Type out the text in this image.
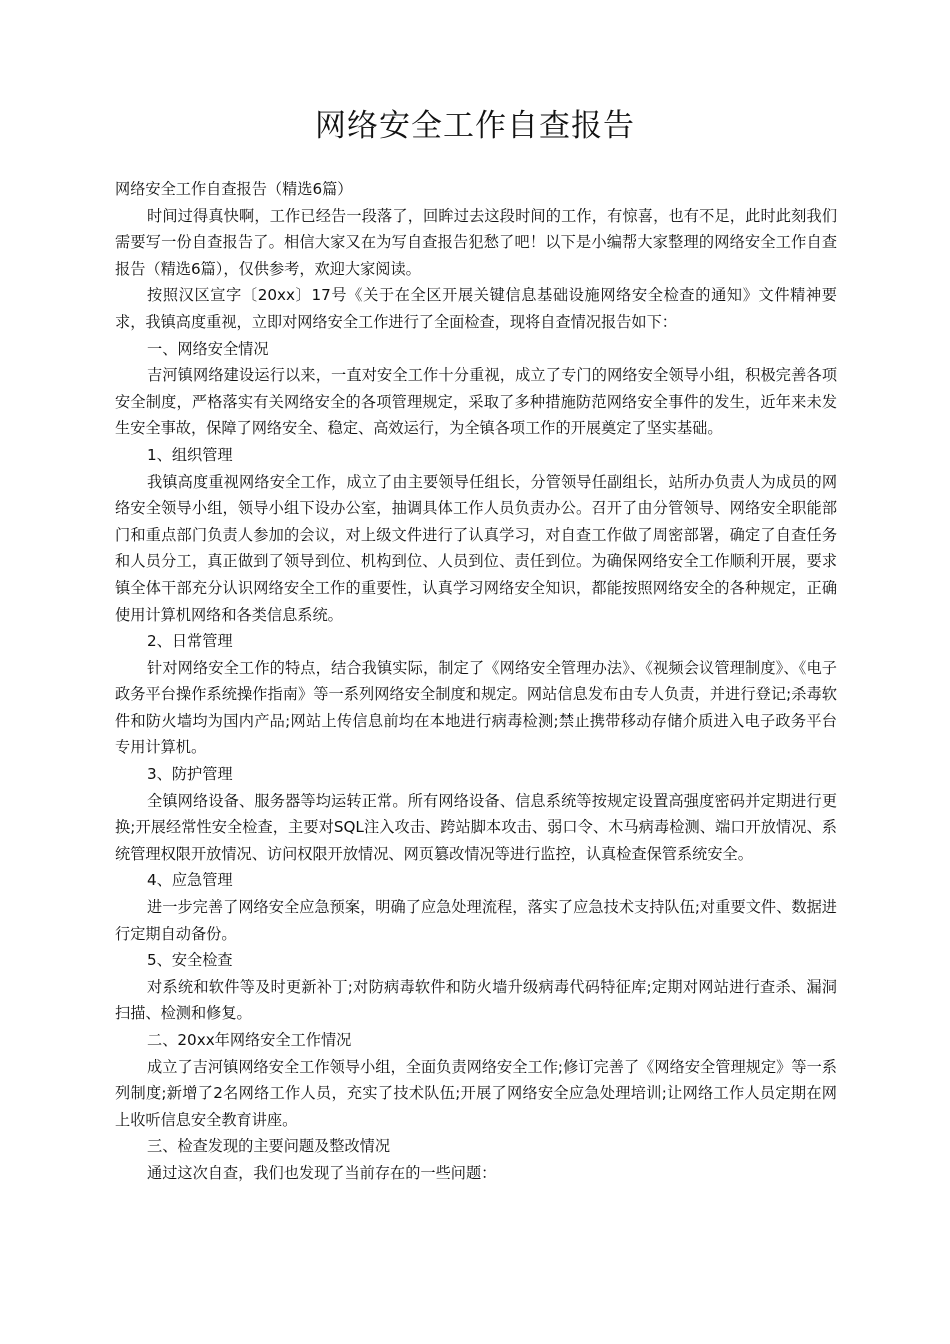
网络安全工作自查报告

网络安全工作自查报告（精选6篇）

时间过得真快啊，工作已经告一段落了，回眸过去这段时间的工作，有惊喜，也有不足，此时此刻我们需要写一份自查报告了。相信大家又在为写自查报告犯愁了吧！以下是小编帮大家整理的网络安全工作自查报告（精选6篇），仅供参考，欢迎大家阅读。

按照汉区宣字〔20xx〕17号《关于在全区开展关键信息基础设施网络安全检查的通知》文件精神要求，我镇高度重视，立即对网络安全工作进行了全面检查，现将自查情况报告如下：

一、网络安全情况

吉河镇网络建设运行以来，一直对安全工作十分重视，成立了专门的网络安全领导小组，积极完善各项安全制度，严格落实有关网络安全的各项管理规定，采取了多种措施防范网络安全事件的发生，近年来未发生安全事故，保障了网络安全、稳定、高效运行，为全镇各项工作的开展奠定了坚实基础。

1、组织管理

我镇高度重视网络安全工作，成立了由主要领导任组长，分管领导任副组长，站所办负责人为成员的网络安全领导小组，领导小组下设办公室，抽调具体工作人员负责办公。召开了由分管领导、网络安全职能部门和重点部门负责人参加的会议，对上级文件进行了认真学习，对自查工作做了周密部署，确定了自查任务和人员分工，真正做到了领导到位、机构到位、人员到位、责任到位。为确保网络安全工作顺利开展，要求镇全体干部充分认识网络安全工作的重要性，认真学习网络安全知识，都能按照网络安全的各种规定，正确使用计算机网络和各类信息系统。

2、日常管理

针对网络安全工作的特点，结合我镇实际，制定了《网络安全管理办法》、《视频会议管理制度》、《电子政务平台操作系统操作指南》等一系列网络安全制度和规定。网站信息发布由专人负责，并进行登记;杀毒软件和防火墙均为国内产品;网站上传信息前均在本地进行病毒检测;禁止携带移动存储介质进入电子政务平台专用计算机。

3、防护管理

全镇网络设备、服务器等均运转正常。所有网络设备、信息系统等按规定设置高强度密码并定期进行更换;开展经常性安全检查，主要对SQL注入攻击、跨站脚本攻击、弱口令、木马病毒检测、端口开放情况、系统管理权限开放情况、访问权限开放情况、网页篡改情况等进行监控，认真检查保管系统安全。

4、应急管理

进一步完善了网络安全应急预案，明确了应急处理流程，落实了应急技术支持队伍;对重要文件、数据进行定期自动备份。

5、安全检查

对系统和软件等及时更新补丁;对防病毒软件和防火墙升级病毒代码特征库;定期对网站进行查杀、漏洞扫描、检测和修复。

二、20xx年网络安全工作情况

成立了吉河镇网络安全工作领导小组，全面负责网络安全工作;修订完善了《网络安全管理规定》等一系列制度;新增了2名网络工作人员，充实了技术队伍;开展了网络安全应急处理培训;让网络工作人员定期在网上收听信息安全教育讲座。

三、检查发现的主要问题及整改情况

通过这次自查，我们也发现了当前存在的一些问题：
